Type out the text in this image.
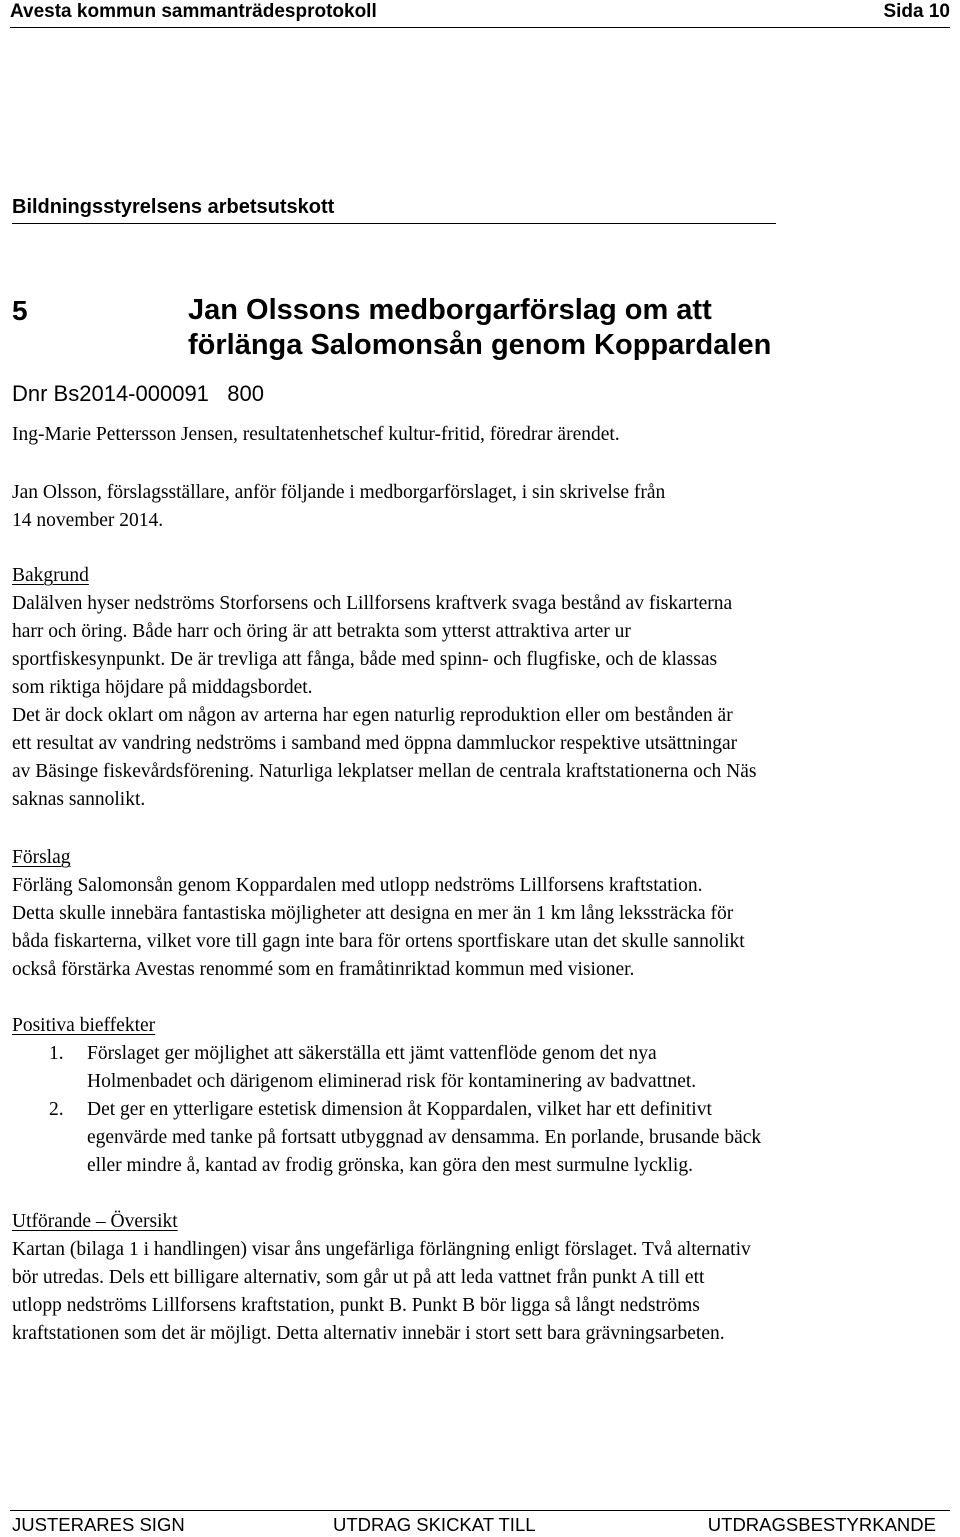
Avesta kommun sammanträdesprotokoll	Sida 10
Bildningsstyrelsens arbetsutskott
5	Jan Olssons medborgarförslag om att
förlänga Salomonsån genom Koppardalen
Dnr Bs2014-000091   800

Ing-Marie Pettersson Jensen, resultatenhetschef kultur-fritid, föredrar ärendet.

Jan Olsson, förslagsställare, anför följande i medborgarförslaget, i sin skrivelse från

14 november 2014.

Bakgrund

Dalälven hyser nedströms Storforsens och Lillforsens kraftverk svaga bestånd av fiskarterna

harr och öring. Både harr och öring är att betrakta som ytterst attraktiva arter ur

sportfiskesynpunkt. De är trevliga att fånga, både med spinn- och flugfiske, och de klassas

som riktiga höjdare på middagsbordet.

Det är dock oklart om någon av arterna har egen naturlig reproduktion eller om bestånden är

ett resultat av vandring nedströms i samband med öppna dammluckor respektive utsättningar

av Bäsinge fiskevårdsförening. Naturliga lekplatser mellan de centrala kraftstationerna och Näs

saknas sannolikt.

Förslag

Förläng Salomonsån genom Koppardalen med utlopp nedströms Lillforsens kraftstation.

Detta skulle innebära fantastiska möjligheter att designa en mer än 1 km lång lekssträcka för

båda fiskarterna, vilket vore till gagn inte bara för ortens sportfiskare utan det skulle sannolikt

också förstärka Avestas renommé som en framåtinriktad kommun med visioner.

Positiva bieffekter

1. Förslaget ger möjlighet att säkerställa ett jämt vattenflöde genom det nya
Holmenbadet och därigenom eliminerad risk för kontaminering av badvattnet.
2. Det ger en ytterligare estetisk dimension åt Koppardalen, vilket har ett definitivt
egenvärde med tanke på fortsatt utbyggnad av densamma. En porlande, brusande bäck
eller mindre å, kantad av frodig grönska, kan göra den mest surmulne lycklig.

Utförande – Översikt

Kartan (bilaga 1 i handlingen) visar åns ungefärliga förlängning enligt förslaget. Två alternativ

bör utredas. Dels ett billigare alternativ, som går ut på att leda vattnet från punkt A till ett

utlopp nedströms Lillforsens kraftstation, punkt B. Punkt B bör ligga så långt nedströms

kraftstationen som det är möjligt. Detta alternativ innebär i stort sett bara grävningsarbeten.

JUSTERARES SIGN	UTDRAG SKICKAT TILL	UTDRAGSBESTYRKANDE
